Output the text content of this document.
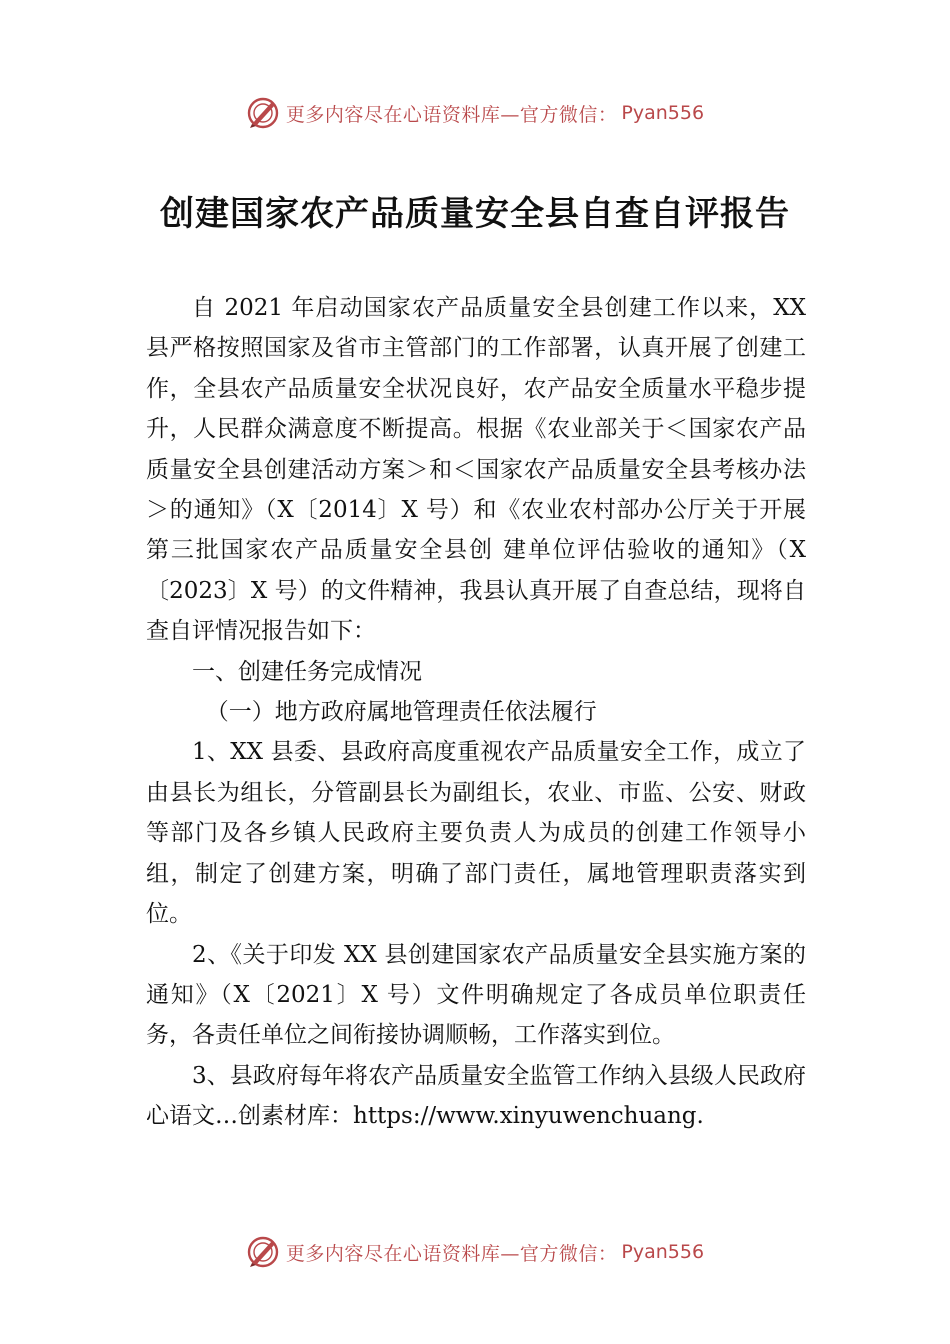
更多内容尽在心语资料库—官方微信： Pyan556
创建国家农产品质量安全县自查自评报告

自 2021 年启动国家农产品质量安全县创建工作以来，XX 县严格按照国家及省市主管部门的工作部署，认真开展了创建工作，全县农产品质量安全状况良好，农产品安全质量水平稳步提升，人民群众满意度不断提高。根据《农业部关于＜国家农产品质量安全县创建活动方案＞和＜国家农产品质量安全县考核办法＞的通知》（X〔2014〕X 号）和《农业农村部办公厅关于开展第三批国家农产品质量安全县创 建单位评估验收的通知》（X〔2023〕X 号）的文件精神，我县认真开展了自查总结，现将自查自评情况报告如下：

一、创建任务完成情况

（一）地方政府属地管理责任依法履行

1、XX 县委、县政府高度重视农产品质量安全工作，成立了由县长为组长，分管副县长为副组长，农业、市监、公安、财政等部门及各乡镇人民政府主要负责人为成员的创建工作领导小组，制定了创建方案，明确了部门责任，属地管理职责落实到位。

2、《关于印发 XX 县创建国家农产品质量安全县实施方案的通知》（X〔2021〕X 号）文件明确规定了各成员单位职责任务，各责任单位之间衔接协调顺畅，工作落实到位。

3、县政府每年将农产品质量安全监管工作纳入县级人民政府心语文…创素材库：https://www.xinyuwenchuang.

更多内容尽在心语资料库—官方微信： Pyan556
